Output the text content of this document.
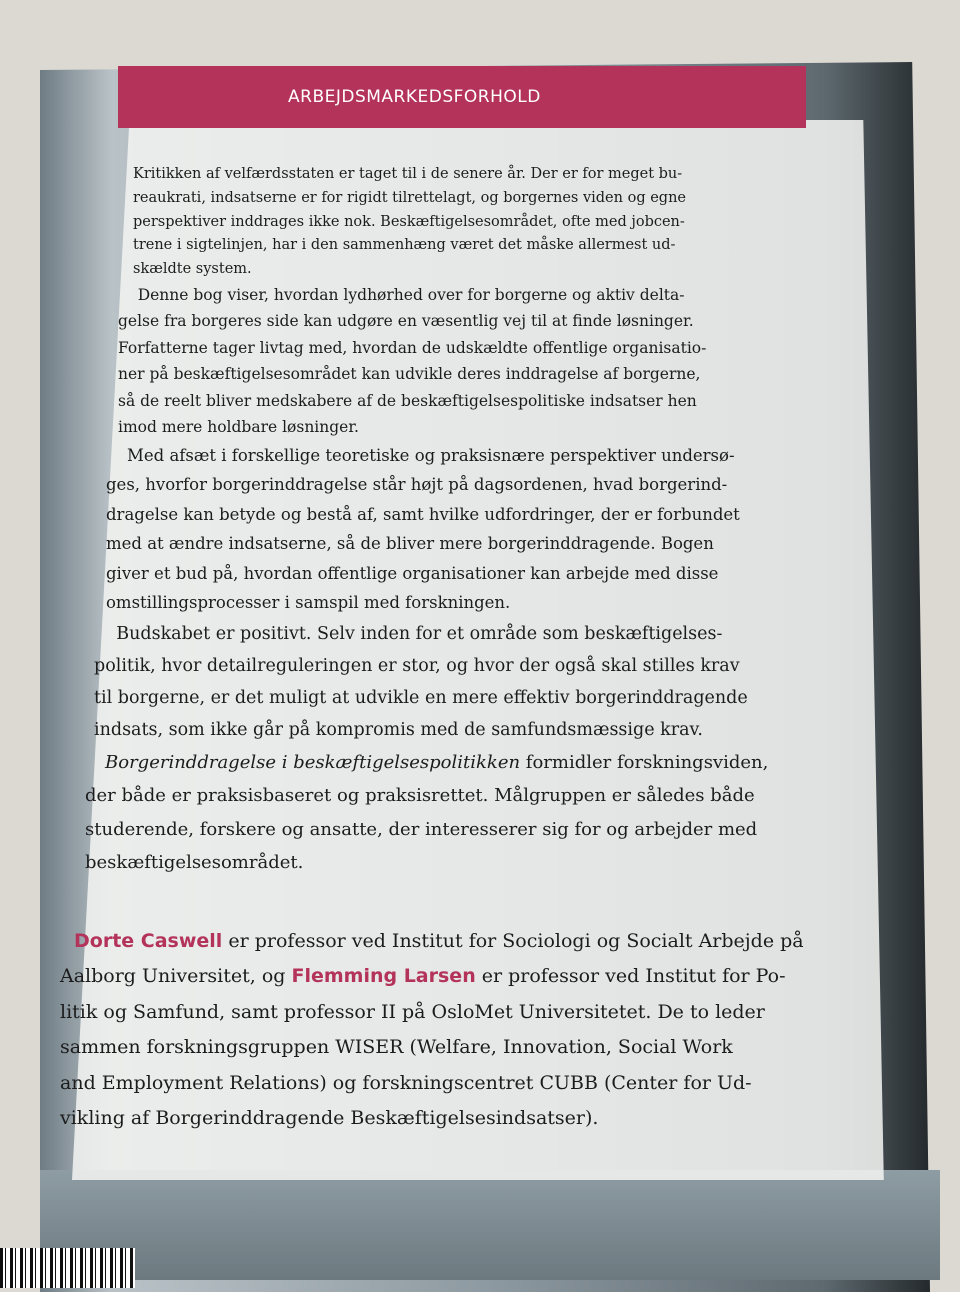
ARBEJDSMARKEDSFORHOLD
Kritikken af velfærdsstaten er taget til i de senere år. Der er for meget bu-
reaukrati, indsatserne er for rigidt tilrettelagt, og borgernes viden og egne
perspektiver inddrages ikke nok. Beskæftigelsesområdet, ofte med jobcen-
trene i sigtelinjen, har i den sammenhæng været det måske allermest ud-
skældte system.
Denne bog viser, hvordan lydhørhed over for borgerne og aktiv delta-
gelse fra borgeres side kan udgøre en væsentlig vej til at finde løsninger.
Forfatterne tager livtag med, hvordan de udskældte offentlige organisatio-
ner på beskæftigelsesområdet kan udvikle deres inddragelse af borgerne,
så de reelt bliver medskabere af de beskæftigelsespolitiske indsatser hen
imod mere holdbare løsninger.
Med afsæt i forskellige teoretiske og praksisnære perspektiver undersø-
ges, hvorfor borgerinddragelse står højt på dagsordenen, hvad borgerind-
dragelse kan betyde og bestå af, samt hvilke udfordringer, der er forbundet
med at ændre indsatserne, så de bliver mere borgerinddragende. Bogen
giver et bud på, hvordan offentlige organisationer kan arbejde med disse
omstillingsprocesser i samspil med forskningen.
Budskabet er positivt. Selv inden for et område som beskæftigelses-
politik, hvor detailreguleringen er stor, og hvor der også skal stilles krav
til borgerne, er det muligt at udvikle en mere effektiv borgerinddragende
indsats, som ikke går på kompromis med de samfundsmæssige krav.
Borgerinddragelse i beskæftigelsespolitikken formidler forskningsviden,
der både er praksisbaseret og praksisrettet. Målgruppen er således både
studerende, forskere og ansatte, der interesserer sig for og arbejder med
beskæftigelsesområdet.
Dorte Caswell er professor ved Institut for Sociologi og Socialt Arbejde på
Aalborg Universitet, og Flemming Larsen er professor ved Institut for Po-
litik og Samfund, samt professor II på OsloMet Universitetet. De to leder
sammen forskningsgruppen WISER (Welfare, Innovation, Social Work
and Employment Relations) og forskningscentret CUBB (Center for Ud-
vikling af Borgerinddragende Beskæftigelsesindsatser).
